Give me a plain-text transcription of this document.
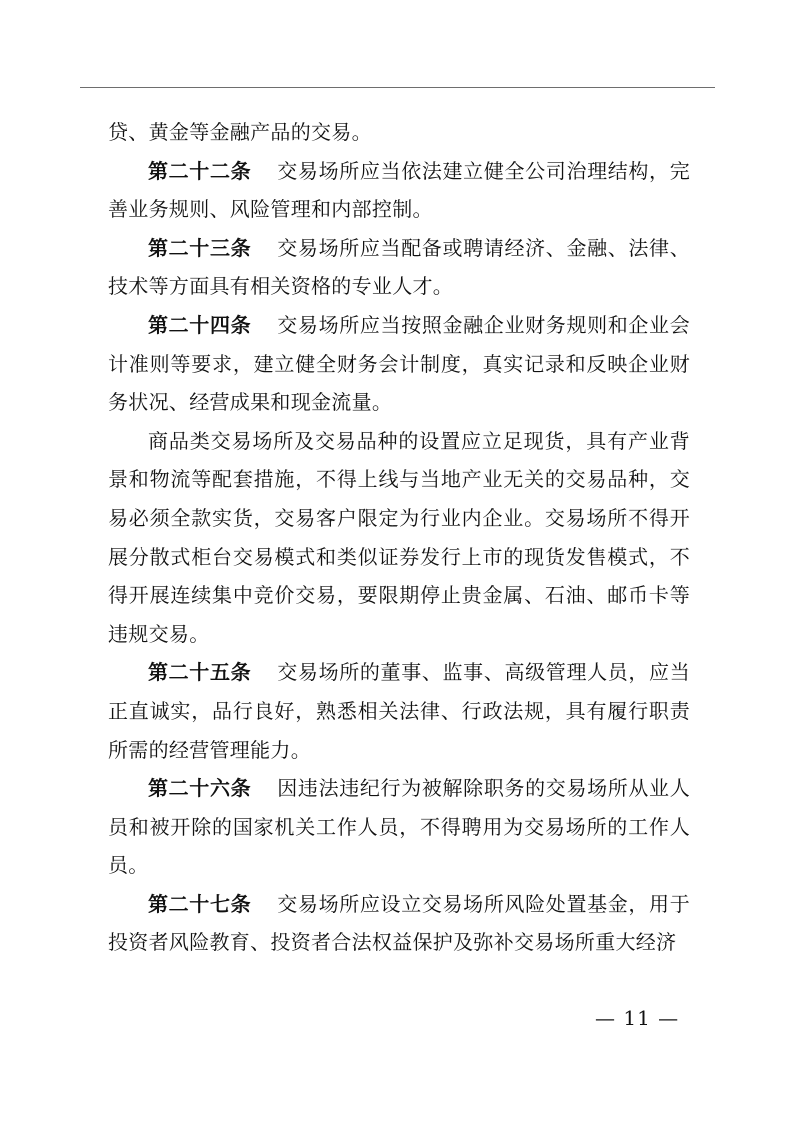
贷、黄金等金融产品的交易。

第二十二条 交易场所应当依法建立健全公司治理结构，完善业务规则、风险管理和内部控制。

第二十三条 交易场所应当配备或聘请经济、金融、法律、技术等方面具有相关资格的专业人才。

第二十四条 交易场所应当按照金融企业财务规则和企业会计准则等要求，建立健全财务会计制度，真实记录和反映企业财务状况、经营成果和现金流量。

商品类交易场所及交易品种的设置应立足现货，具有产业背景和物流等配套措施，不得上线与当地产业无关的交易品种，交易必须全款实货，交易客户限定为行业内企业。交易场所不得开展分散式柜台交易模式和类似证券发行上市的现货发售模式，不得开展连续集中竞价交易，要限期停止贵金属、石油、邮币卡等违规交易。

第二十五条 交易场所的董事、监事、高级管理人员，应当正直诚实，品行良好，熟悉相关法律、行政法规，具有履行职责所需的经营管理能力。

第二十六条 因违法违纪行为被解除职务的交易场所从业人员和被开除的国家机关工作人员，不得聘用为交易场所的工作人员。

第二十七条 交易场所应设立交易场所风险处置基金，用于投资者风险教育、投资者合法权益保护及弥补交易场所重大经济

— 11 —
